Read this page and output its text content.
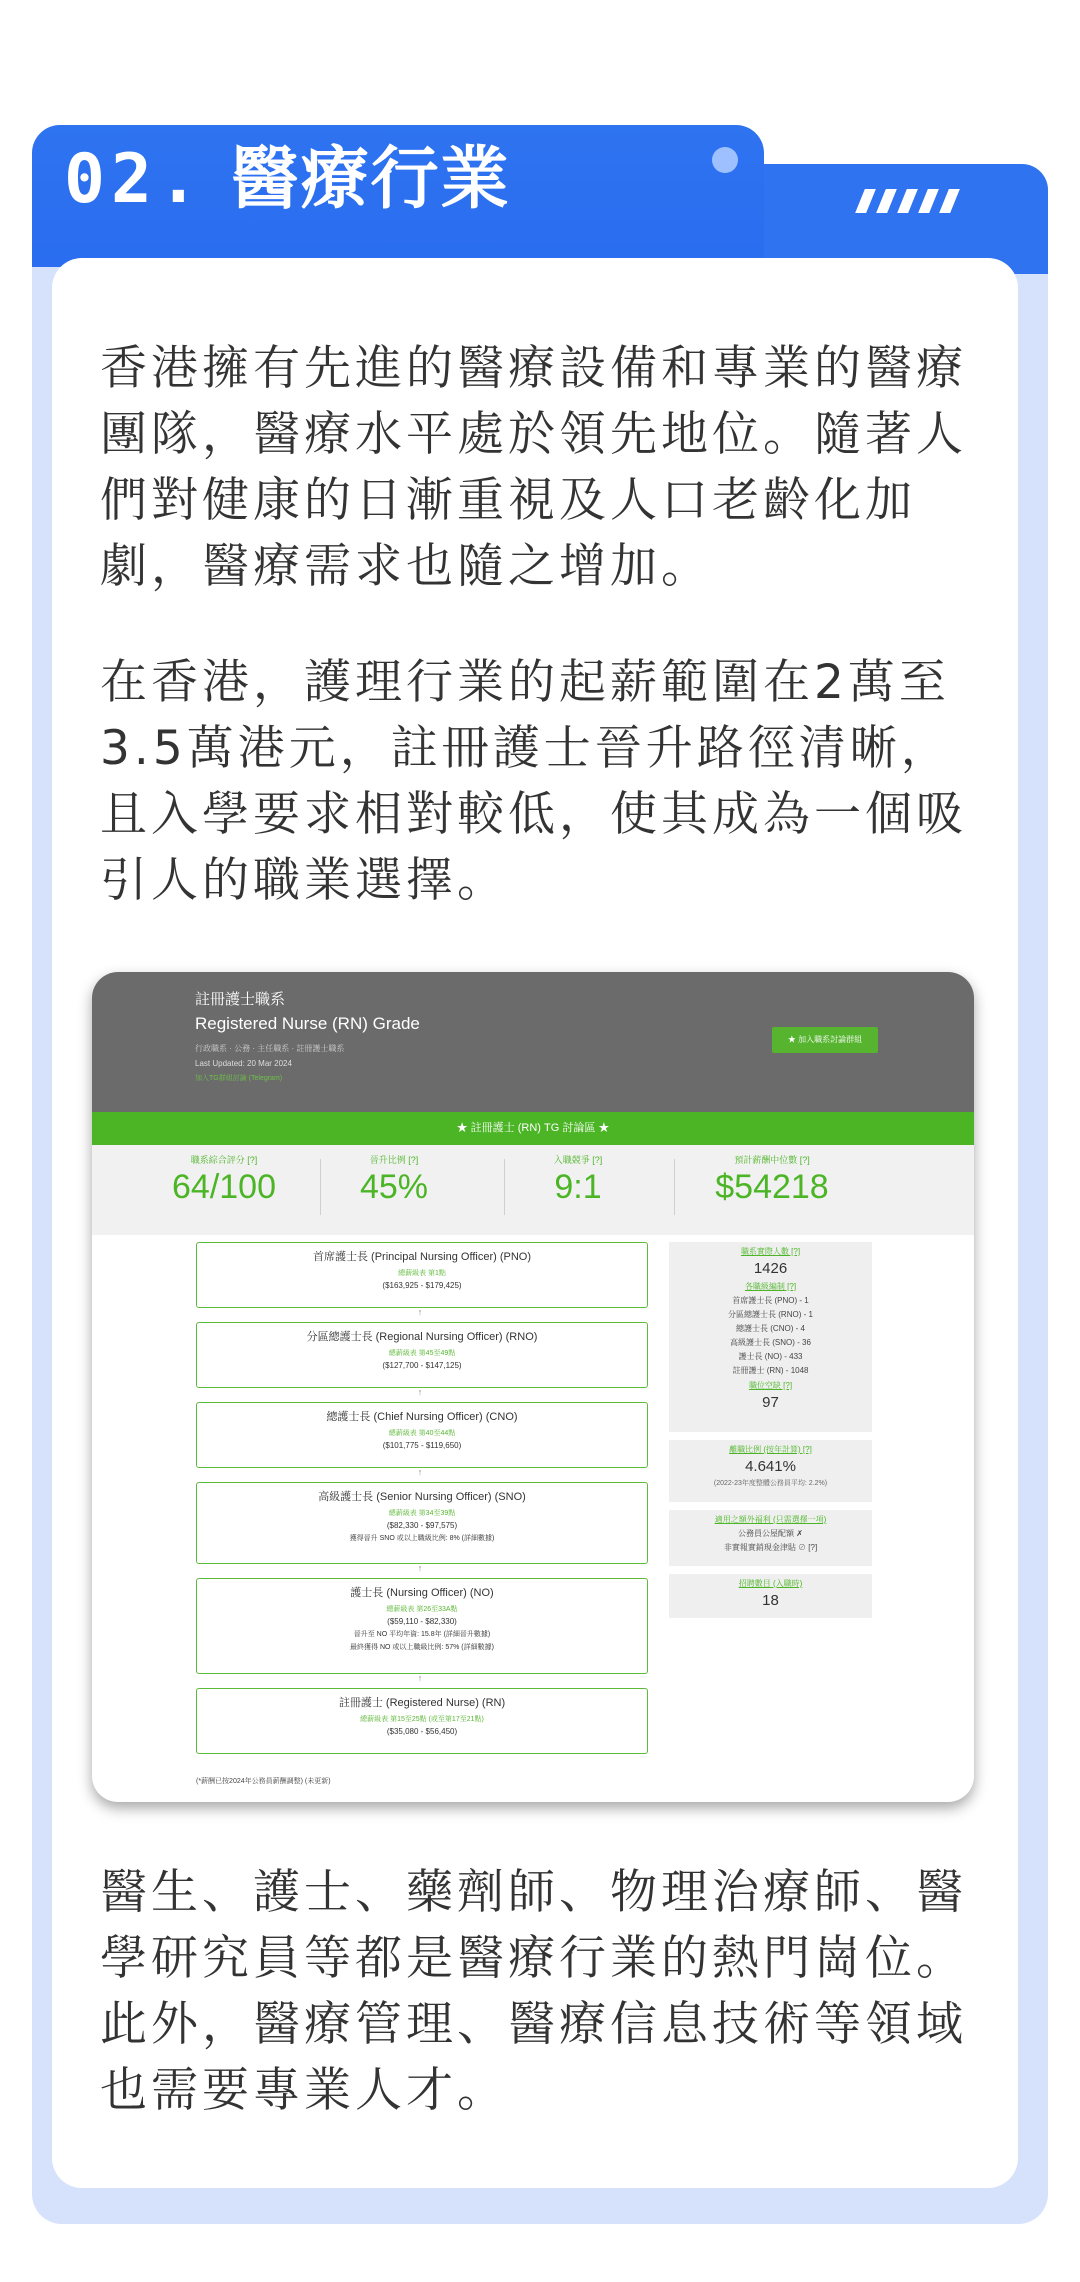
02. 醫療行業

香港擁有先進的醫療設備和專業的醫療團隊，醫療水平處於領先地位。隨著人們對健康的日漸重視及人口老齡化加劇，醫療需求也隨之增加。

在香港，護理行業的起薪範圍在2萬至3.5萬港元，註冊護士晉升路徑清晰，且入學要求相對較低，使其成為一個吸引人的職業選擇。

註冊護士職系
Registered Nurse (RN) Grade
行政職系 · 公務 · 主任職系 · 註冊護士職系
Last Updated: 20 Mar 2024
加入TG群組討論 (Telegram)
★ 加入職系討論群組
★ 註冊護士 (RN) TG 討論區 ★
職系綜合評分 [?]
64/100
晉升比例 [?]
45%
入職競爭 [?]
9:1
預計薪酬中位數 [?]
$54218
首席護士長 (Principal Nursing Officer) (PNO)
總薪級表 第1點
($163,925 - $179,425)
↑
分區總護士長 (Regional Nursing Officer) (RNO)
總薪級表 第45至49點
($127,700 - $147,125)
↑
總護士長 (Chief Nursing Officer) (CNO)
總薪級表 第40至44點
($101,775 - $119,650)
↑
高級護士長 (Senior Nursing Officer) (SNO)
總薪級表 第34至39點
($82,330 - $97,575)
獲得晉升 SNO 或以上職級比例: 8% (詳細數據)
↑
護士長 (Nursing Officer) (NO)
總薪級表 第26至33A點
($59,110 - $82,330)
晉升至 NO 平均年資: 15.8年 (詳細晉升數據)
最終獲得 NO 或以上職級比例: 57% (詳細數據)
↑
註冊護士 (Registered Nurse) (RN)
總薪級表 第15至25點 (或至第17至21點)
($35,080 - $56,450)
職系實際人數 [?]
1426
各職級編制 [?]
首席護士長 (PNO) - 1
分區總護士長 (RNO) - 1
總護士長 (CNO) - 4
高級護士長 (SNO) - 36
護士長 (NO) - 433
註冊護士 (RN) - 1048
職位空缺 [?]
97
離職比例 (按年計算) [?]
4.641%
(2022-23年度整體公務員平均: 2.2%)
適用之額外福利 (只需選擇一項)
公務員公屋配額 ✗
非實報實銷現金津貼 ⊘ [?]
招聘數目 (入職時)
18
(*薪酬已按2024年公務員薪酬調整) (未更新)

醫生、護士、藥劑師、物理治療師、醫學研究員等都是醫療行業的熱門崗位。此外，醫療管理、醫療信息技術等領域也需要專業人才。
